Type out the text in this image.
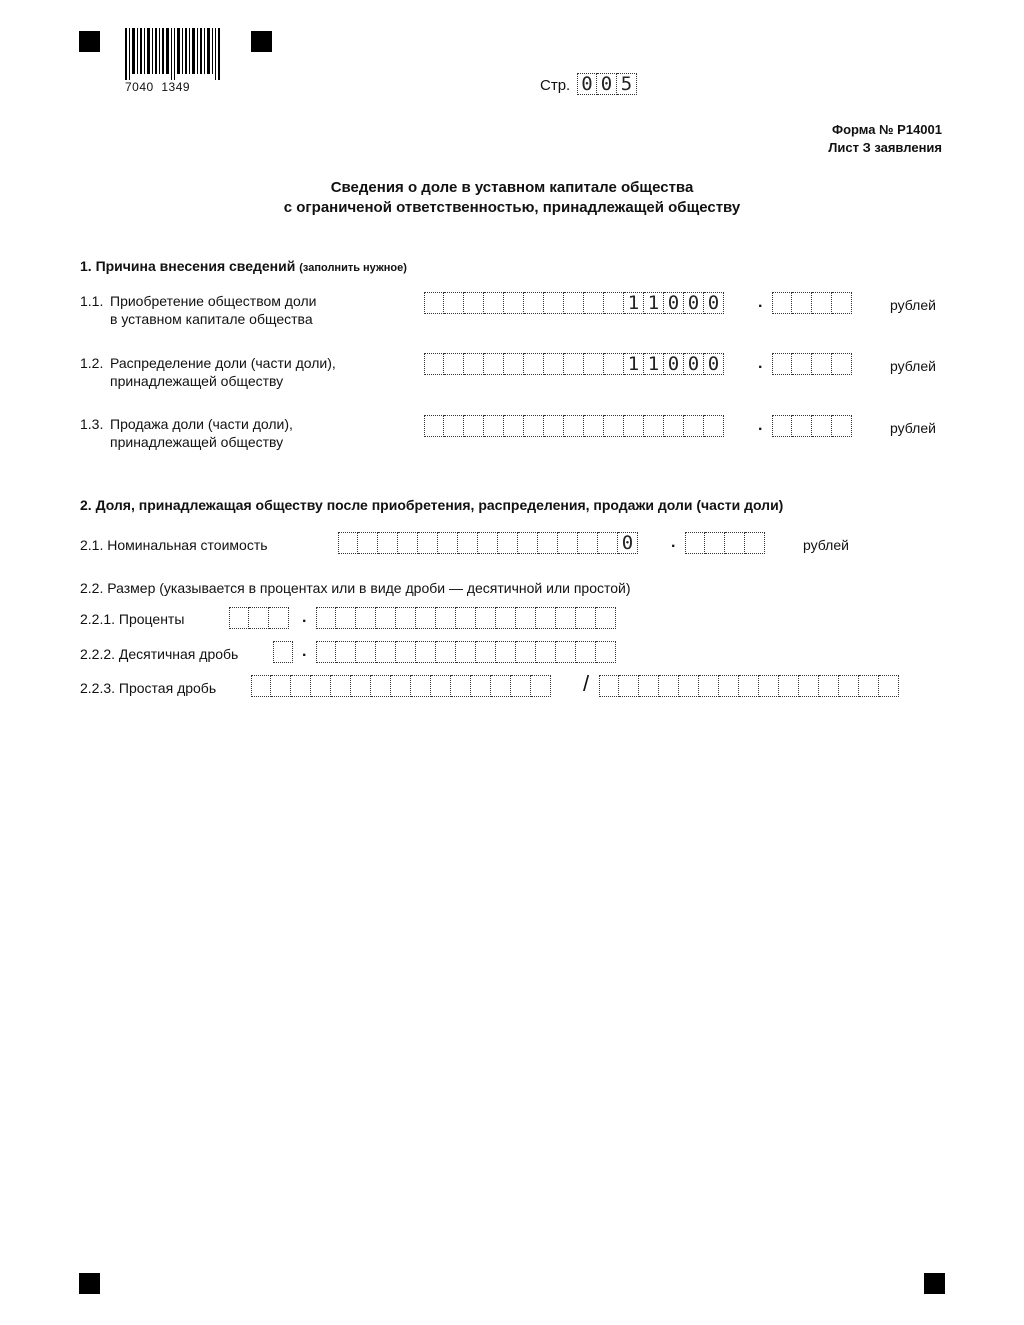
7040  1349	Стр. 0 0 5
Форма № Р14001
Лист З заявления
Сведения о доле в уставном капитале общества
с ограниченой ответственностью, принадлежащей обществу
1. Причина внесения сведений (заполнить нужное)
1.1. Приобретение обществом доли
в уставном капитале общества
1 1 0 0 0 .	рублей
1.2. Распределение доли (части доли),
принадлежащей обществу
1 1 0 0 0 .	рублей
1.3. Продажа доли (части доли),
принадлежащей обществу
.	рублей
2. Доля, принадлежащая обществу после приобретения, распределения, продажи доли (части доли)
2.1. Номинальная стоимость	0 .	рублей
2.2. Размер (указывается в процентах или в виде дроби — десятичной или простой)
2.2.1. Проценты	.
2.2.2. Десятичная дробь	.
2.2.3. Простая дробь	/
